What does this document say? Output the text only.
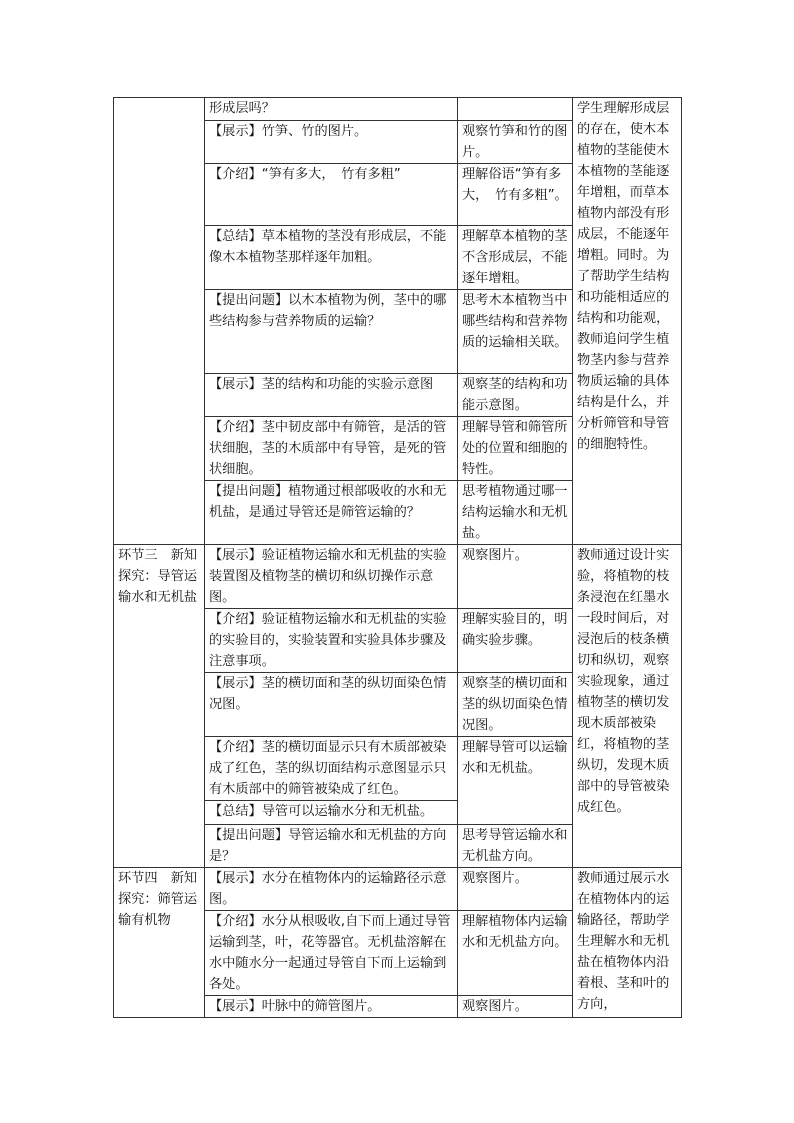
	形成层吗？		学生理解形成层的存在，使木本植物的茎能使木本植物的茎能逐年增粗，而草本植物内部没有形成层，不能逐年增粗。同时。为了帮助学生结构和功能相适应的结构和功能观，教师追问学生植物茎内参与营养物质运输的具体结构是什么，并分析筛管和导管的细胞特性。
	【展示】竹笋、竹的图片。	观察竹笋和竹的图片。	
	【介绍】“笋有多大，　竹有多粗”	理解俗语“笋有多大，　竹有多粗”。	
	【总结】草本植物的茎没有形成层，不能像木本植物茎那样逐年加粗。	理解草本植物的茎不含形成层，不能逐年增粗。	
	【提出问题】以木本植物为例，茎中的哪些结构参与营养物质的运输？	思考木本植物当中哪些结构和营养物质的运输相关联。	
	【展示】茎的结构和功能的实验示意图	观察茎的结构和功能示意图。	
	【介绍】茎中韧皮部中有筛管，是活的管状细胞，茎的木质部中有导管，是死的管状细胞。	理解导管和筛管所处的位置和细胞的特性。	
	【提出问题】植物通过根部吸收的水和无机盐，是通过导管还是筛管运输的？	思考植物通过哪一结构运输水和无机盐。	
环节三　新知探究：导管运输水和无机盐	【展示】验证植物运输水和无机盐的实验装置图及植物茎的横切和纵切操作示意图。	观察图片。	教师通过设计实验，将植物的枝条浸泡在红墨水一段时间后，对浸泡后的枝条横切和纵切，观察实验现象，通过植物茎的横切发现木质部被染红，将植物的茎纵切，发现木质部中的导管被染成红色。
	【介绍】验证植物运输水和无机盐的实验的实验目的，实验装置和实验具体步骤及注意事项。	理解实验目的，明确实验步骤。	
	【展示】茎的横切面和茎的纵切面染色情况图。	观察茎的横切面和茎的纵切面染色情况图。	
	【介绍】茎的横切面显示只有木质部被染成了红色，茎的纵切面结构示意图显示只有木质部中的筛管被染成了红色。	理解导管可以运输水和无机盐。	
	【总结】导管可以运输水分和无机盐。		
	【提出问题】导管运输水和无机盐的方向是？	思考导管运输水和无机盐方向。	
环节四　新知探究：筛管运输有机物	【展示】水分在植物体内的运输路径示意图。	观察图片。	教师通过展示水在植物体内的运输路径，帮助学生理解水和无机盐在植物体内沿着根、茎和叶的方向，
	【介绍】水分从根吸收,自下而上通过导管运输到茎，叶，花等器官。无机盐溶解在水中随水分一起通过导管自下而上运输到各处。	理解植物体内运输水和无机盐方向。	
	【展示】叶脉中的筛管图片。	观察图片。	
